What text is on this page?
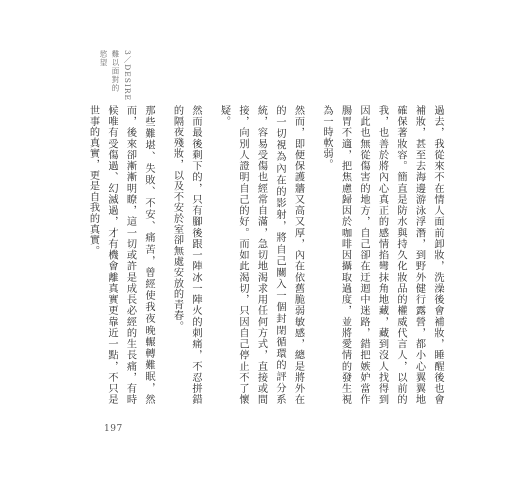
3／DESIRE
難以面對的
慾望

過去，我從來不在情人面前卸妝，洗澡後會補妝，睡醒後也會補妝，甚至去海邊游泳浮潛，到野外健行露營，都小心翼翼地確保著妝容。簡直是防水與持久化妝品的權威代言人，以前的我，也善於將內心真正的感情掐彎抹角地藏，藏到沒人找得到因此也無從傷害的地方，自己卻在迂迴中迷路，錯把嫉妒當作腸胃不適，把焦慮歸因於咖啡因攝取過度，並將愛情的發生視為一時軟弱。

然而，即便保護牆又高又厚，內在依舊脆弱敏感，總是將外在的一切視為內在的影射，將自己關入一個封閉循環的評分系統，容易受傷也經常自滿，急切地渴求用任何方式，直接或間接，向別人證明自己的好。而如此渴切，只因自己停止不了懷疑。

然而最後剩下的，只有腳後跟一陣冰一陣火的刺痛，不忍拼錯的隔夜殘妝，以及不安於室卻無處安放的青春。

那些難堪、失敗、不安、痛苦，曾經使我夜晚輾轉難眠，然而，後來卻漸漸明瞭，這一切或許是成長必經的生長痛，有時候唯有受傷過、幻滅過，才有機會離真實更靠近一點，不只是世事的真實，更是自我的真實。

197
